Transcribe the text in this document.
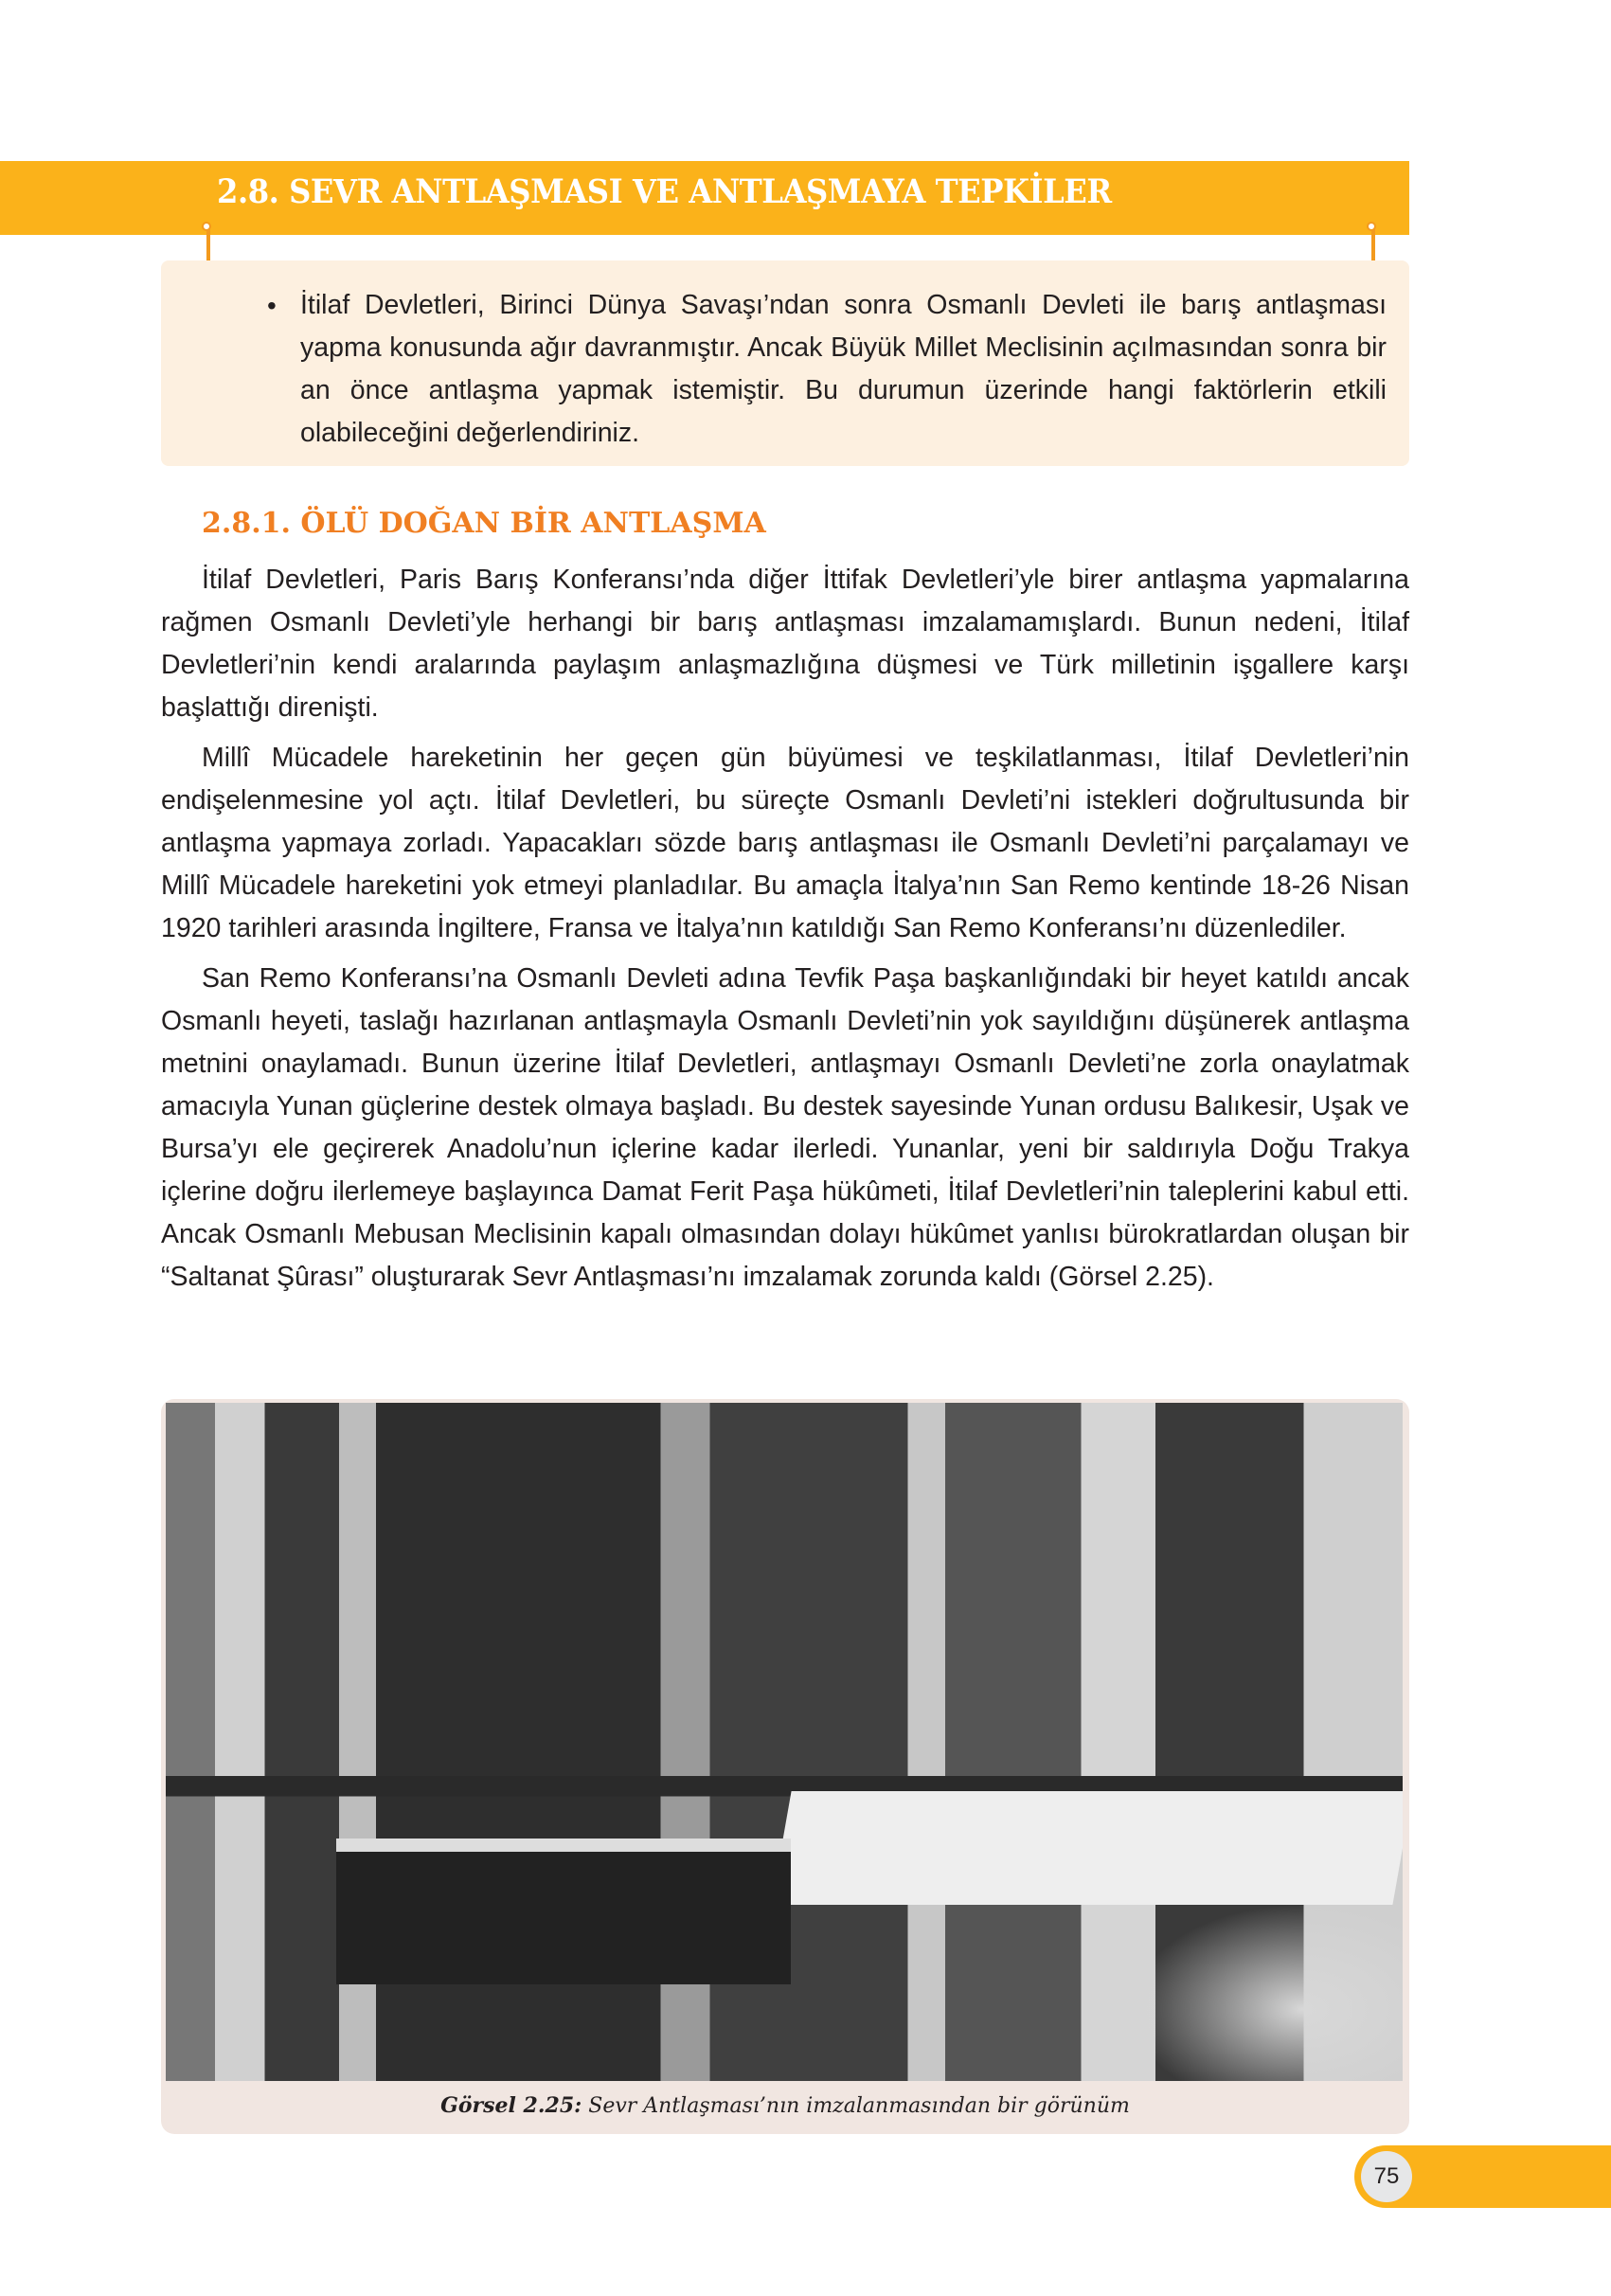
2.8. SEVR ANTLAŞMASI VE ANTLAŞMAYA TEPKİLER
• İtilaf Devletleri, Birinci Dünya Savaşı’ndan sonra Osmanlı Devleti ile barış antlaşması yapma konusunda ağır davranmıştır. Ancak Büyük Millet Meclisinin açılmasından sonra bir an önce antlaşma yapmak istemiştir. Bu durumun üzerinde hangi faktörlerin etkili olabileceğini değerlendiriniz.
2.8.1. ÖLÜ DOĞAN BİR ANTLAŞMA

İtilaf Devletleri, Paris Barış Konferansı’nda diğer İttifak Devletleri’yle birer antlaşma yapmalarına rağmen Osmanlı Devleti’yle herhangi bir barış antlaşması imzalamamışlardı. Bunun nedeni, İtilaf Devletleri’nin kendi aralarında paylaşım anlaşmazlığına düşmesi ve Türk milletinin işgallere karşı başlattığı direnişti.

Millî Mücadele hareketinin her geçen gün büyümesi ve teşkilatlanması, İtilaf Devletleri’nin endişelenmesine yol açtı. İtilaf Devletleri, bu süreçte Osmanlı Devleti’ni istekleri doğrultusunda bir antlaşma yapmaya zorladı. Yapacakları sözde barış antlaşması ile Osmanlı Devleti’ni parçalamayı ve Millî Mücadele hareketini yok etmeyi planladılar. Bu amaçla İtalya’nın San Remo kentinde 18-26 Nisan 1920 tarihleri arasında İngiltere, Fransa ve İtalya’nın katıldığı San Remo Konferansı’nı düzenlediler.

San Remo Konferansı’na Osmanlı Devleti adına Tevfik Paşa başkanlığındaki bir heyet katıldı ancak Osmanlı heyeti, taslağı hazırlanan antlaşmayla Osmanlı Devleti’nin yok sayıldığını düşünerek antlaşma metnini onaylamadı. Bunun üzerine İtilaf Devletleri, antlaşmayı Osmanlı Devleti’ne zorla onaylatmak amacıyla Yunan güçlerine destek olmaya başladı. Bu destek sayesinde Yunan ordusu Balıkesir, Uşak ve Bursa’yı ele geçirerek Anadolu’nun içlerine kadar ilerledi. Yunanlar, yeni bir saldırıyla Doğu Trakya içlerine doğru ilerlemeye başlayınca Damat Ferit Paşa hükûmeti, İtilaf Devletleri’nin taleplerini kabul etti. Ancak Osmanlı Mebusan Meclisinin kapalı olmasından dolayı hükûmet yanlısı bürokratlardan oluşan bir “Saltanat Şûrası” oluşturarak Sevr Antlaşması’nı imzalamak zorunda kaldı (Görsel 2.25).

Görsel 2.25: Sevr Antlaşması’nın imzalanmasından bir görünüm
75
